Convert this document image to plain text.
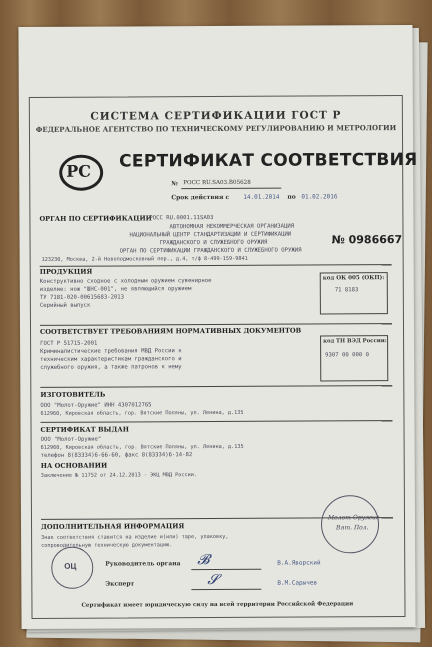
СИСТЕМА СЕРТИФИКАЦИИ ГОСТ Р
ФЕДЕРАЛЬНОЕ АГЕНТСТВО ПО ТЕХНИЧЕСКОМУ РЕГУЛИРОВАНИЮ И МЕТРОЛОГИИ
PC СЕРТИФИКАТ СООТВЕТСТВИЯ
№ РОСС RU.SA03.B05628
Срок действия с 14.01.2014 по 01.02.2016
ОРГАН ПО СЕРТИФИКАЦИИ
РОСС RU.0001.11SA03
№ 0986667
АВТОНОМНАЯ НЕКОММЕРЧЕСКАЯ ОРГАНИЗАЦИЯ
НАЦИОНАЛЬНЫЙ ЦЕНТР СТАНДАРТИЗАЦИИ И СЕРТИФИКАЦИИ
ГРАЖДАНСКОГО И СЛУЖЕБНОГО ОРУЖИЯ
ОРГАН ПО СЕРТИФИКАЦИИ ГРАЖДАНСКОГО И СЛУЖЕБНОГО ОРУЖИЯ
123230, Москва, 2-й Новоподмосковный пер., д.4, т/ф 8-499-159-9841
ПРОДУКЦИЯ
Конструктивно сходное с холодным оружием сувенирное
изделие: нож "ШНС-001", не являющийся оружием
ТУ 7181-020-00615683-2013
Серийный выпуск
код ОК 005 (ОКП):
71 8183
СООТВЕТСТВУЕТ ТРЕБОВАНИЯМ НОРМАТИВНЫХ ДОКУМЕНТОВ
ГОСТ Р 51715-2001
Криминалистические требования МВД России к
техническим характеристикам гражданского и
служебного оружия, а также патронов к нему
код ТН ВЭД России:
9307 00 000 0
ИЗГОТОВИТЕЛЬ
ООО "Молот-Оружие" ИНН 4307012765
612960, Кировская область, гор. Вятские Поляны, ул. Ленина, д.135
СЕРТИФИКАТ ВЫДАН
ООО "Молот-Оружие"
612960, Кировская область, гор. Вятские Поляны, ул. Ленина, д.135
телефон 8(83334)6-66-60, факс 8(83334)6-14-82
НА ОСНОВАНИИ
Заключение № 11752 от 24.12.2013 - ЭКЦ МВД России.
ДОПОЛНИТЕЛЬНАЯ ИНФОРМАЦИЯ
Знак соответствия ставится на изделие и(или) таре, упаковку,
сопроводительную техническую документацию.
Молот-Оружие
Вят. Пол.
ОЦ	Руководитель органа 𝓑	В.А.Яворский
Эксперт	𝓢	В.М.Сарычев
Сертификат имеет юридическую силу на всей территории Российской Федерации
